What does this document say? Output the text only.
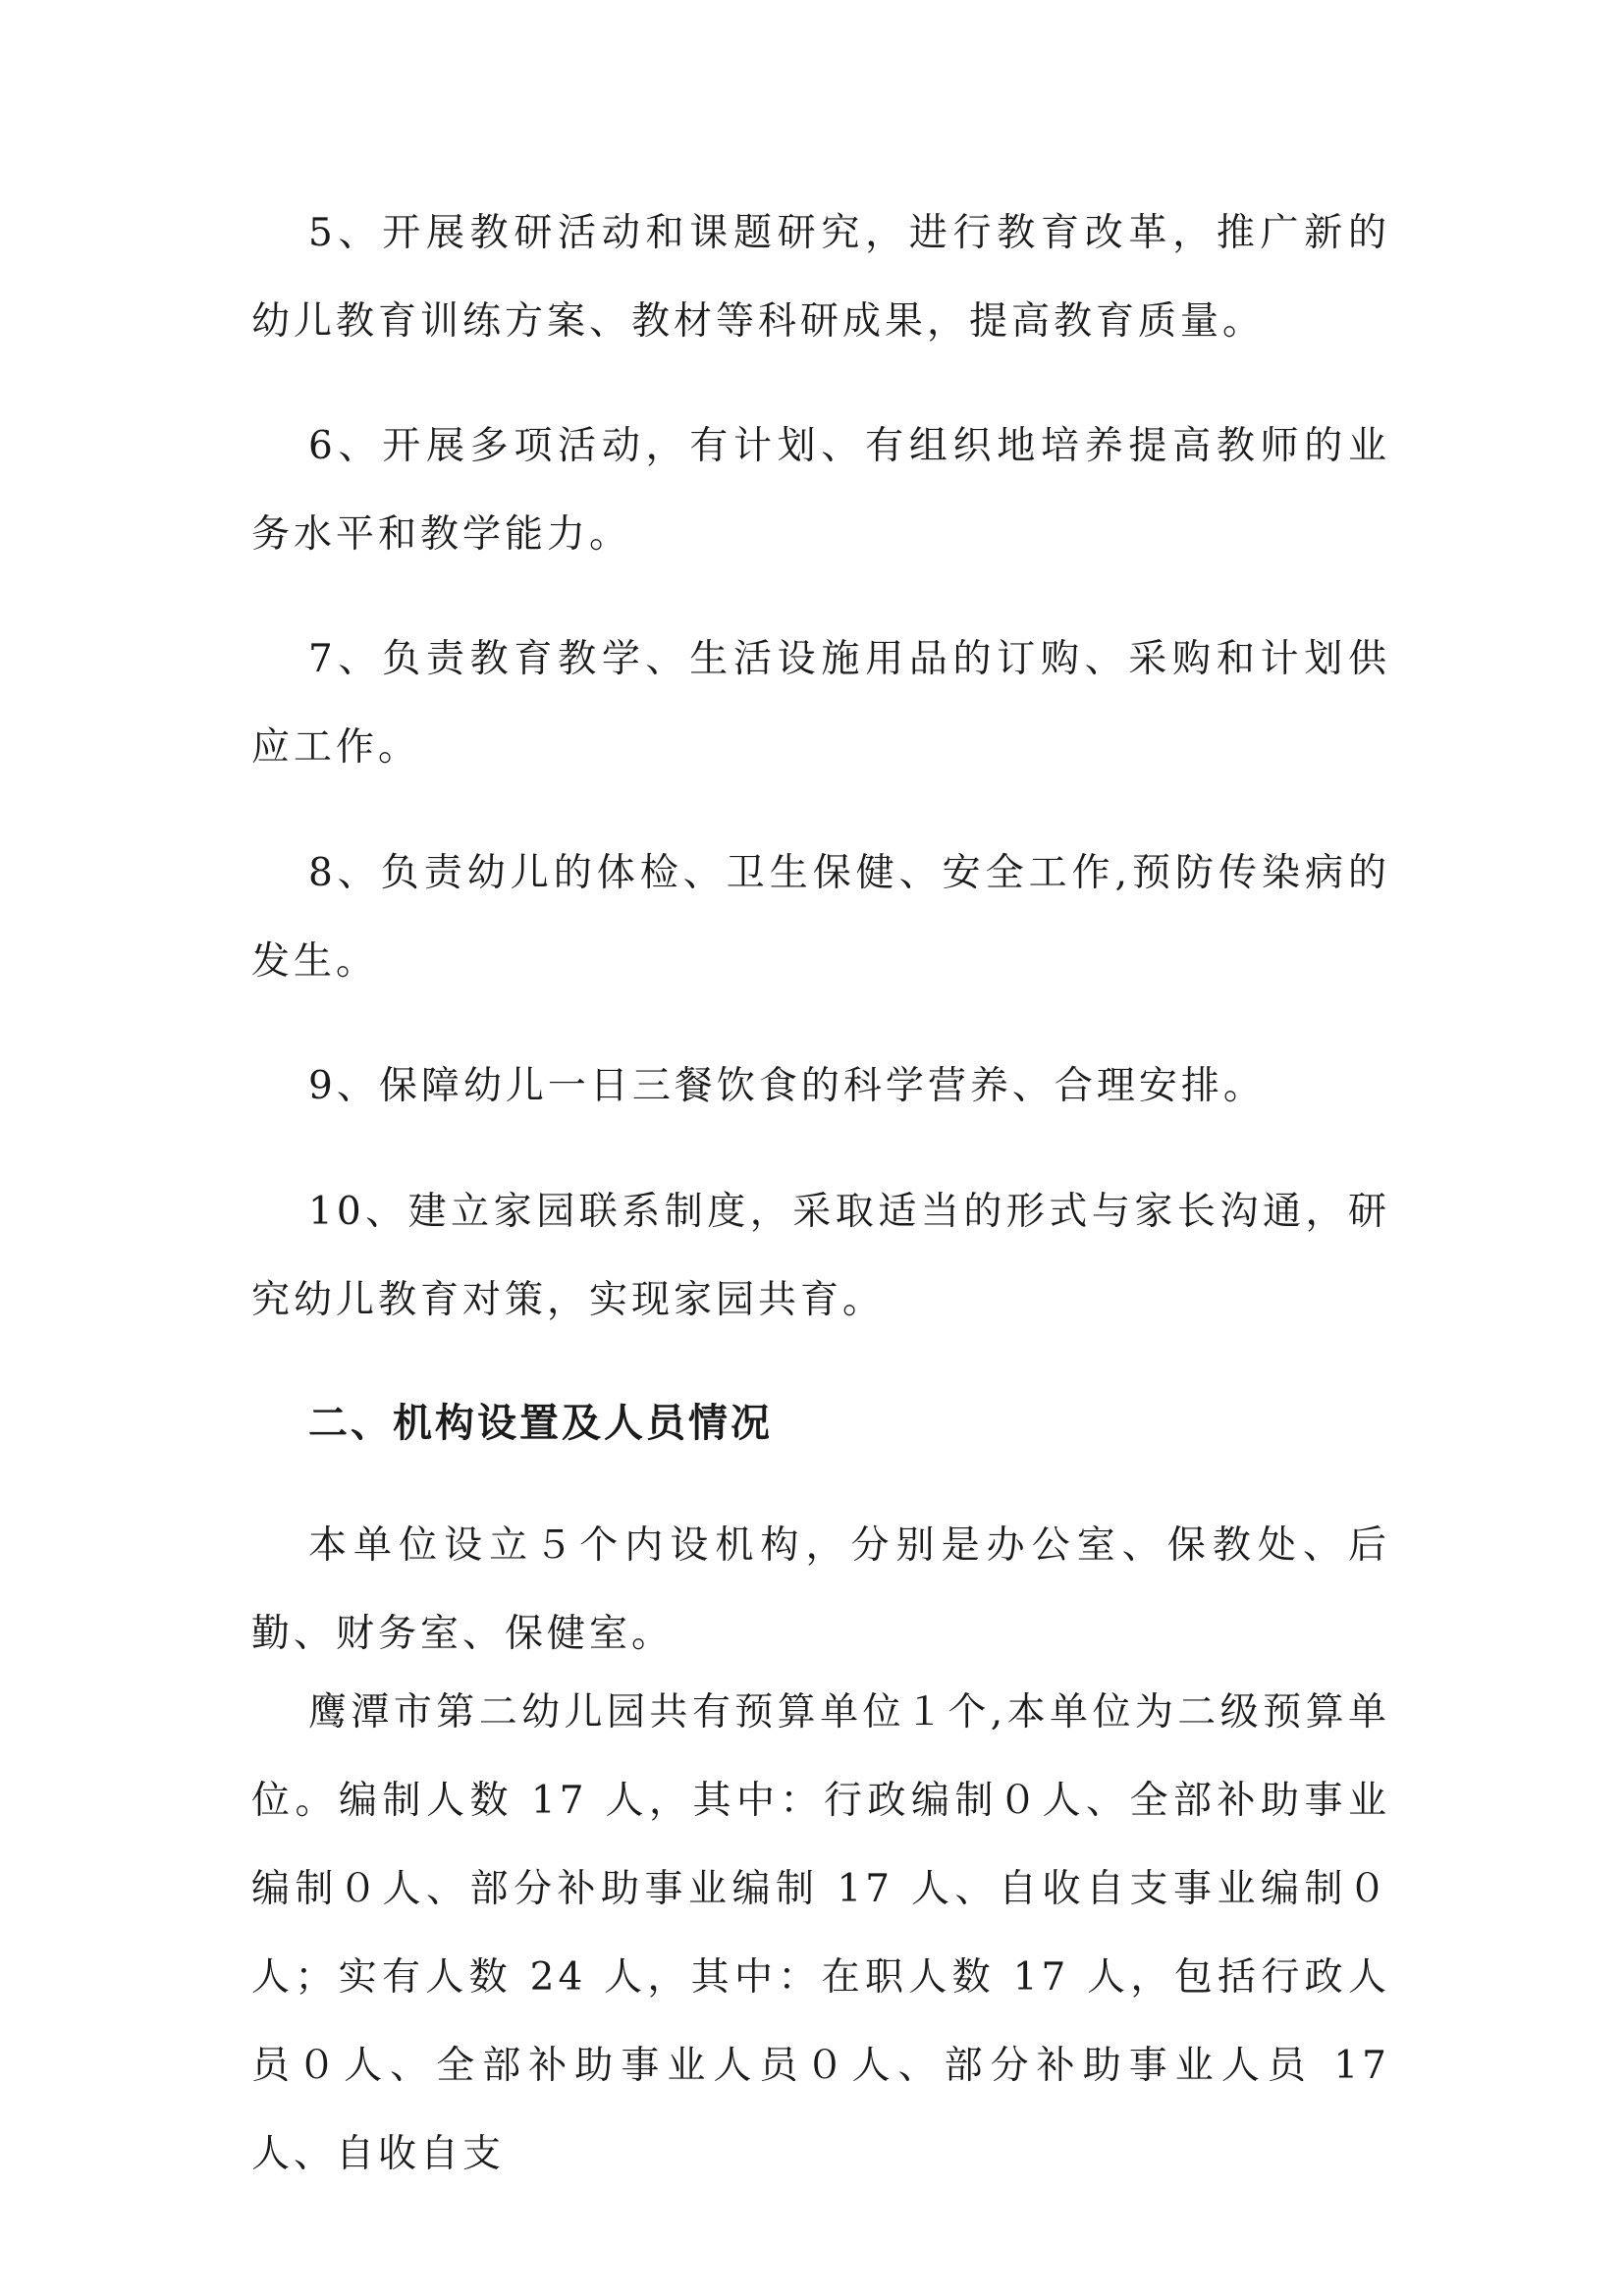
5、开展教研活动和课题研究，进行教育改革，推广新的幼儿教育训练方案、教材等科研成果，提高教育质量。

6、开展多项活动，有计划、有组织地培养提高教师的业务水平和教学能力。

7、负责教育教学、生活设施用品的订购、采购和计划供应工作。

8、负责幼儿的体检、卫生保健、安全工作,预防传染病的发生。

9、保障幼儿一日三餐饮食的科学营养、合理安排。

10、建立家园联系制度，采取适当的形式与家长沟通，研究幼儿教育对策，实现家园共育。

二、机构设置及人员情况

本单位设立５个内设机构，分别是办公室、保教处、后勤、财务室、保健室。

鹰潭市第二幼儿园共有预算单位１个,本单位为二级预算单位。编制人数 17 人，其中：行政编制０人、全部补助事业编制０人、部分补助事业编制 17 人、自收自支事业编制０人；实有人数 24 人，其中：在职人数 17 人，包括行政人员０人、全部补助事业人员０人、部分补助事业人员 17 人、自收自支
